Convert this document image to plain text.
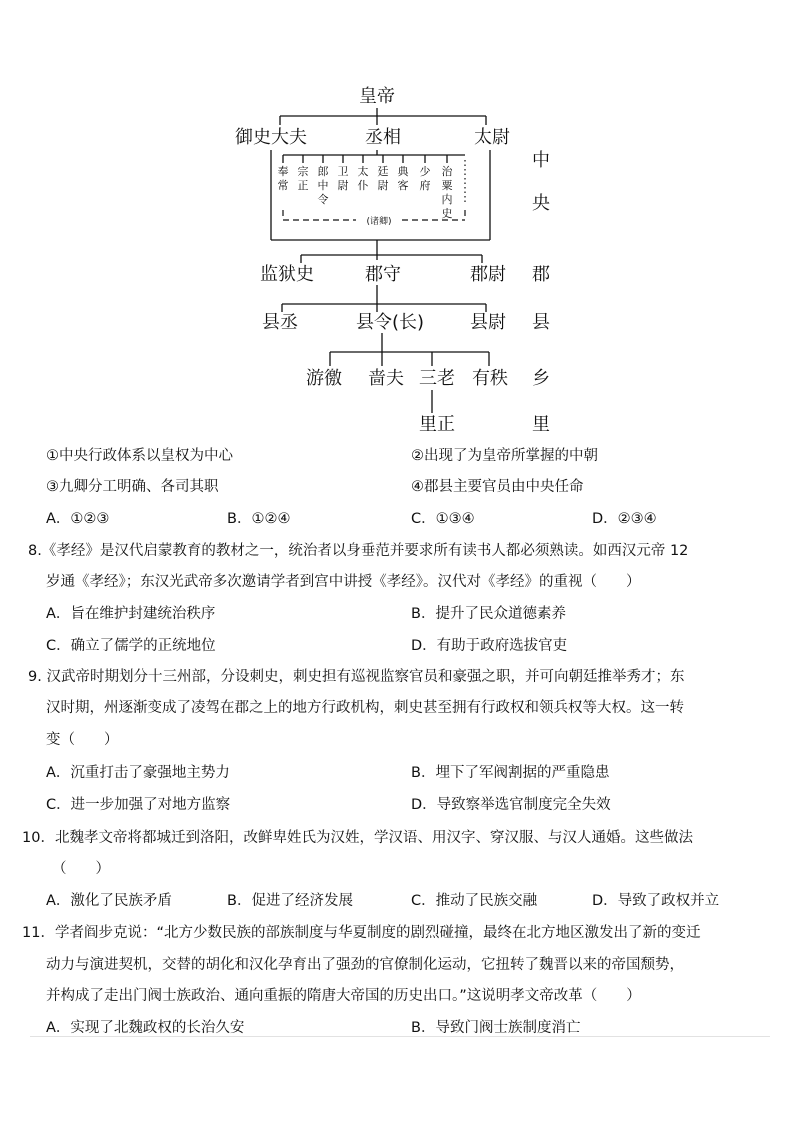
皇帝
御史大夫	丞相	太尉
奉常
宗正
郎中令
卫尉
太仆
廷尉
典客
少府
治粟内史
(诸卿)
中
央
监狱史	郡守	郡尉 郡
县丞	县令(长)	县尉 县
游徼 啬夫 三老 有秩 乡
里正	里
①中央行政体系以皇权为中心	②出现了为皇帝所掌握的中朝
③九卿分工明确、各司其职	④郡县主要官员由中央任命
A．①②③	B．①②④	C．①③④	D．②③④
8.《孝经》是汉代启蒙教育的教材之一，统治者以身垂范并要求所有读书人都必须熟读。如西汉元帝 12
岁通《孝经》；东汉光武帝多次邀请学者到宫中讲授《孝经》。汉代对《孝经》的重视（　　）
A．旨在维护封建统治秩序	B．提升了民众道德素养
C．确立了儒学的正统地位	D．有助于政府选拔官吏
9. 汉武帝时期划分十三州部，分设刺史，刺史担有巡视监察官员和豪强之职，并可向朝廷推举秀才；东
汉时期，州逐渐变成了凌驾在郡之上的地方行政机构，刺史甚至拥有行政权和领兵权等大权。这一转
变（　　）
A．沉重打击了豪强地主势力	B．埋下了军阀割据的严重隐患
C．进一步加强了对地方监察	D．导致察举选官制度完全失效
10．北魏孝文帝将都城迁到洛阳，改鲜卑姓氏为汉姓，学汉语、用汉字、穿汉服、与汉人通婚。这些做法
（　　）
A．激化了民族矛盾	B．促进了经济发展	C．推动了民族交融	D．导致了政权并立
11．学者阎步克说：“北方少数民族的部族制度与华夏制度的剧烈碰撞，最终在北方地区激发出了新的变迁
动力与演进契机，交替的胡化和汉化孕育出了强劲的官僚制化运动，它扭转了魏晋以来的帝国颓势，
并构成了走出门阀士族政治、通向重振的隋唐大帝国的历史出口。”这说明孝文帝改革（　　）
A．实现了北魏政权的长治久安	B．导致门阀士族制度消亡
